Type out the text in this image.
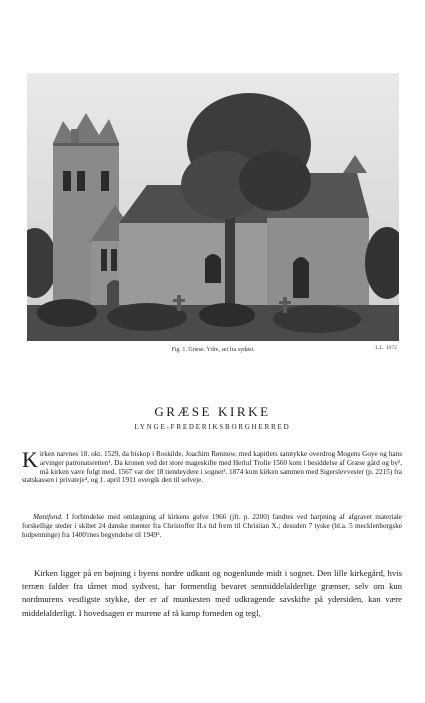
Fig. 1. Græse. Ydre, set fra sydøst.	L.L. 1972
GRÆSE KIRKE
LYNGE-FREDERIKSBORGHERRED
Kirken nævnes 18. okt. 1529, da biskop i Roskilde, Joachim Rønnow, med kapitlets samtykke overdrog Mogens Goye og hans arvinger patronatsretten¹. Da kronen ved det store mageskifte med Herluf Trolle 1560 kom i besiddelse af Græse gård og by², må kirken være fulgt med. 1567 var der 18 tiendeydere i sognet³. 1874 kom kirken sammen med Sigerslevvester (p. 2215) fra statskassen i privateje⁴, og 1. april 1911 overgik den til selveje.
Møntfund. I forbindelse med omlægning af kirkens gulve 1966 (jfr. p. 2200) fandtes ved harpning af afgravet materiale forskellige steder i skibet 24 danske mønter fra Christoffer II.s tid frem til Christian X.; desuden 7 tyske (bl.a. 5 mecklenborgske hulpenninge) fra 1400'rnes begyndelse til 1949⁵.
Kirken ligger på en bøjning i byens nordre udkant og nogenlunde midt i sognet. Den lille kirkegård, hvis terræn falder fra tårnet mod sydvest, har formentlig bevaret senmiddelalderlige grænser, selv om kun nordmurens vestligste stykke, der er af munkesten med udkragende savskifte på ydersiden, kan være middelalderligt. I hovedsagen er murene af rå kamp forneden og tegl,
